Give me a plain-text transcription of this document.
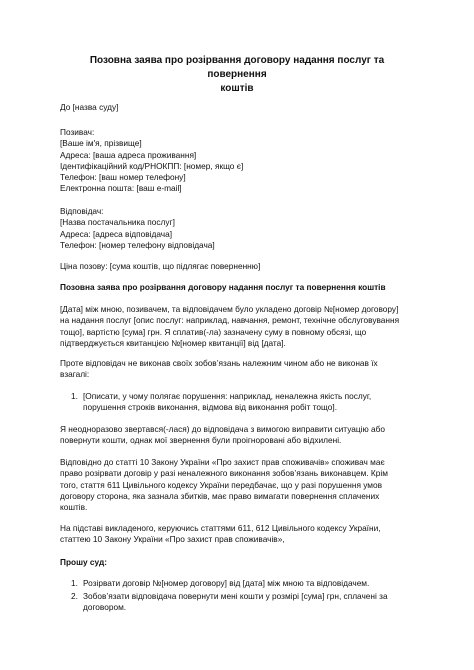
Позовна заява про розірвання договору надання послуг та повернення
коштів
До [назва суду]
Позивач:
[Ваше ім'я, прізвище]
Адреса: [ваша адреса проживання]
Ідентифікаційний код/РНОКПП: [номер, якщо є]
Телефон: [ваш номер телефону]
Електронна пошта: [ваш e-mail]
Відповідач:
[Назва постачальника послуг]
Адреса: [адреса відповідача]
Телефон: [номер телефону відповідача]
Ціна позову: [сума коштів, що підлягає поверненню]
Позовна заява про розірвання договору надання послуг та повернення коштів
[Дата] між мною, позивачем, та відповідачем було укладено договір №[номер договору]
на надання послуг [опис послуг: наприклад, навчання, ремонт, технічне обслуговування
тощо], вартістю [сума] грн. Я сплатив(-ла) зазначену суму в повному обсязі, що
підтверджується квитанцією №[номер квитанції] від [дата].
Проте відповідач не виконав своїх зобов’язань належним чином або не виконав їх
взагалі:
1. [Описати, у чому полягає порушення: наприклад, неналежна якість послуг,
порушення строків виконання, відмова від виконання робіт тощо].
Я неодноразово звертався(-лася) до відповідача з вимогою виправити ситуацію або
повернути кошти, однак мої звернення були проігноровані або відхилені.
Відповідно до статті 10 Закону України «Про захист прав споживачів» споживач має
право розірвати договір у разі неналежного виконання зобов’язань виконавцем. Крім
того, стаття 611 Цивільного кодексу України передбачає, що у разі порушення умов
договору сторона, яка зазнала збитків, має право вимагати повернення сплачених
коштів.
На підставі викладеного, керуючись статтями 611, 612 Цивільного кодексу України,
статтею 10 Закону України «Про захист прав споживачів»,
Прошу суд:
1. Розірвати договір №[номер договору] від [дата] між мною та відповідачем.
2. Зобов’язати відповідача повернути мені кошти у розмірі [сума] грн, сплачені за
договором.
